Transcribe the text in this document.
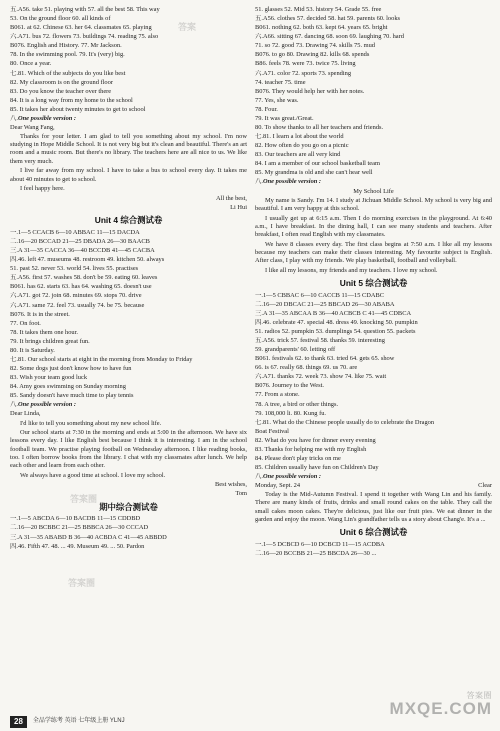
五.A56. take 51. playing with 57. all the best 58. This way
53. On the ground floor 60. all kinds of
B061. at 62. Chinese 63. her 64. classmates 65. playing
六.A71. bus 72. flowers 73. buildings 74. reading 75. also
B076. English and History. 77. Mr Jackson.
78. In the swimming pool. 79. It's (very) big.
80. Once a year.
七.81. Which of the subjects do you like best
82. My classroom is on the ground floor
83. Do you know the teacher over there
84. It is a long way from my home to the school
85. It takes her about twenty minutes to get to school
八.One possible version :
Dear Wang Fang,
Thanks for your letter. I am glad to tell you something about my school. I'm now studying in Hope Middle School. It is not very big but it's clean and beautiful. There's an art room and a music room. But there's no library. The teachers here are all nice to us. We like them very much.
I live far away from my school. I have to take a bus to school every day. It takes me about 40 minutes to get to school.
I feel happy here.
All the best,
Li Hui
Unit 4 综合测试卷
一.1—5 CCACB 6—10 ABBAC 11—15 DACDA
二.16—20 BCCAD 21—25 DBADA 26—30 BAACB
三.A 31—35 CACCA 36—40 BCCDB 41—45 CACBA
四.46. left 47. museums 48. restroom 49. kitchen 50. always
51. past 52. never 53. world 54. lives 55. practises
五.A56. first 57. washes 58. don't be 59. eating 60. leaves
B061. has 62. starts 63. has 64. washing 65. doesn't use
六.A71. got 72. join 68. minutes 69. stops 70. drive
六.A71. same 72. feel 73. usually 74. be 75. because
B076. It is in the street.
77. On foot.
78. It takes them one hour.
79. It brings children great fun.
80. It is Saturday.
七.81. Our school starts at eight in the morning from Monday to Friday
82. Some dogs just don't know how to have fun
83. Wish your team good luck
84. Amy goes swimming on Sunday morning
85. Sandy doesn't have much time to play tennis
八.One possible version :
Dear Linda,
I'd like to tell you something about my new school life.
Our school starts at 7:30 in the morning and ends at 5:00 in the afternoon. We have six lessons every day. I like English best because I think it is interesting. I am in the school football team. We practise playing football on Wednesday afternoon. I like reading books, too. I often borrow books from the library. I chat with my classmates after lunch. We help each other and learn from each other.
We always have a good time at school. I love my school.
Best wishes,
Tom
期中综合测试卷
一.1—5 ABCDA 6—10 BACDB 11—15 CDDBD
二.16—20 BCBBC 21—25 BBBCA 26—30 CCCAD
三.A 31—35 ABABD B 36—40 ACBDA C 41—45 ABBDD
四.46. Fifth 47. 48. ... 49. Museum 49. ... 50. Pardon
51. glasses 52. Mid 53. history 54. Grade 55. free
五.A56. clothes 57. decided 58. hat 59. parents 60. looks
B061. nothing 62. both 63. kept 64. years 65. bright
六.A66. sitting 67. dancing 68. soon 69. laughing 70. hard
71. so 72. good 73. Drawing 74. skills 75. mud
B076. to go 80. Drawing 82. kills 68. spends
B86. feels 78. were 73. twice 75. living
六.A71. color 72. sports 73. spending
74. teacher 75. time
B076. They would help her with her notes.
77. Yes, she was.
78. Four.
79. It was great./Great.
80. To show thanks to all her teachers and friends.
七.81. I learn a lot about the world
82. How often do you go on a picnic
83. Our teachers are all very kind
84. I am a member of our school basketball team
85. My grandma is old and she can't hear well
八.One possible version :
My School Life
My name is Sandy. I'm 14. I study at Jichuan Middle School. My school is very big and beautiful. I am very happy at this school.
I usually get up at 6:15 a.m. Then I do morning exercises in the playground. At 6:40 a.m., I have breakfast. In the dining hall, I can see many students and teachers. After breakfast, I often read English with my classmates.
We have 8 classes every day. The first class begins at 7:50 a.m. I like all my lessons because my teachers can make their classes interesting. My favourite subject is English. After class, I play with my friends. We play basketball, football and volleyball.
I like all my lessons, my friends and my teachers. I love my school.
Unit 5 综合测试卷
一.1—5 CBBAC 6—10 CACCB 11—15 CDABC
二.16—20 DBCAC 21—25 BBCAD 26—30 ABABA
三.A 31—35 ABCAA B 36—40 ACBCB C 41—45 CDBCA
四.46. celebrate 47. special 48. dress 49. knocking 50. pumpkin
51. radios 52. pumpkin 53. dumplings 54. question 55. packets
五.A56. trick 57. festival 58. thanks 59. interesting
59. grandparents' 60. letting off
B061. festivals 62. to thank 63. tried 64. gets 65. show
66. is 67. really 68. things 69. us 70. are
六.A71. thanks 72. week 73. show 74. like 75. wait
B076. Journey to the West.
77. From a stone.
78. A tree, a bird or other things.
79. 108,000 li. 80. Kung fu.
七.81. What do the Chinese people usually do to celebrate the Dragon
Boat Festival
82. What do you have for dinner every evening
83. Thanks for helping me with my English
84. Please don't play tricks on me
85. Children usually have fun on Children's Day
八.One possible version :
Monday, Sept. 24	Clear
Today is the Mid-Autumn Festival. I spend it together with Wang Lin and his family. There are many kinds of fruits, drinks and small round cakes on the table. They call the small cakes moon cakes. They're delicious, just like our fruit pies. We eat dinner in the garden and enjoy the moon. Wang Lin's grandfather tells us a story about Chang'e. It's a ...
Unit 6 综合测试卷
一.1—5 DCBCD 6—10 DCBCD 11—15 ACDBA
二.16—20 BCCBB 21—25 BBCDA 26—30 ...
28	全品学练考 英语 七年级上册 YLNJ
答案
答案圈
答案圈
答案圈
MXQE.COM
